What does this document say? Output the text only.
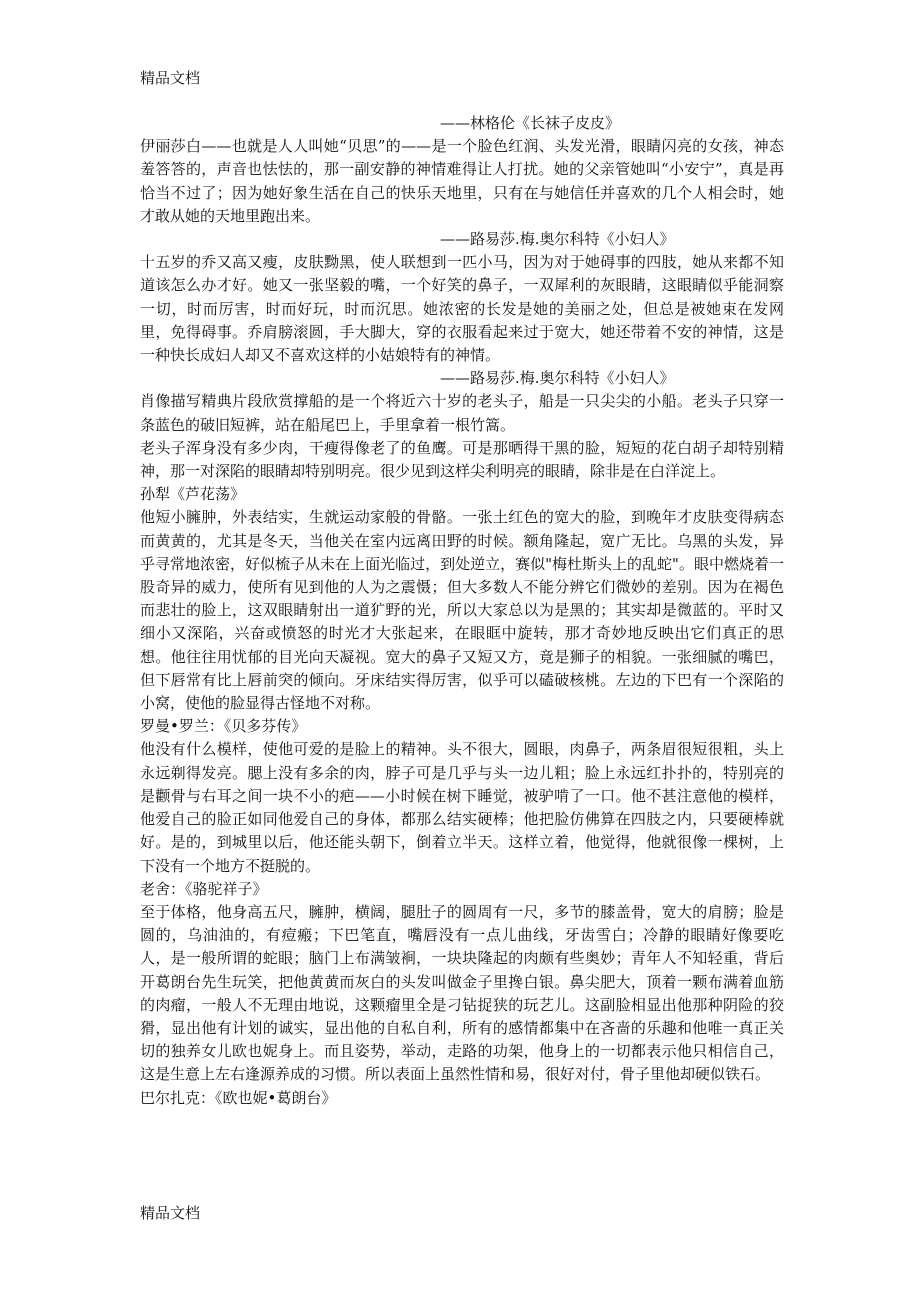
精品文档

——林格伦《长袜子皮皮》

伊丽莎白——也就是人人叫她“贝思”的——是一个脸色红润、头发光滑，眼睛闪亮的女孩，神态羞答答的，声音也怯怯的，那一副安静的神情难得让人打扰。她的父亲管她叫“小安宁”，真是再恰当不过了；因为她好象生活在自己的快乐天地里，只有在与她信任并喜欢的几个人相会时，她才敢从她的天地里跑出来。

——路易莎.梅.奥尔科特《小妇人》

十五岁的乔又高又瘦，皮肤黝黑，使人联想到一匹小马，因为对于她碍事的四肢，她从来都不知道该怎么办才好。她又一张坚毅的嘴，一个好笑的鼻子，一双犀利的灰眼睛，这眼睛似乎能洞察一切，时而厉害，时而好玩，时而沉思。她浓密的长发是她的美丽之处，但总是被她束在发网里，免得碍事。乔肩膀滚圆，手大脚大，穿的衣服看起来过于宽大，她还带着不安的神情，这是一种快长成妇人却又不喜欢这样的小姑娘特有的神情。

——路易莎.梅.奥尔科特《小妇人》

肖像描写精典片段欣赏撑船的是一个将近六十岁的老头子，船是一只尖尖的小船。老头子只穿一条蓝色的破旧短裤，站在船尾巴上，手里拿着一根竹篙。

老头子浑身没有多少肉，干瘦得像老了的鱼鹰。可是那晒得干黑的脸，短短的花白胡子却特别精神，那一对深陷的眼睛却特别明亮。很少见到这样尖利明亮的眼睛，除非是在白洋淀上。

孙犁《芦花荡》

他短小臃肿，外表结实，生就运动家般的骨骼。一张土红色的宽大的脸，到晚年才皮肤变得病态而黄黄的，尤其是冬天，当他关在室内远离田野的时候。额角隆起，宽广无比。乌黑的头发，异乎寻常地浓密，好似梳子从未在上面光临过，到处逆立，赛似"梅杜斯头上的乱蛇"。眼中燃烧着一股奇异的威力，使所有见到他的人为之震慑；但大多数人不能分辨它们微妙的差别。因为在褐色而悲壮的脸上，这双眼睛射出一道犷野的光，所以大家总以为是黑的；其实却是微蓝的。平时又细小又深陷，兴奋或愤怒的时光才大张起来，在眼眶中旋转，那才奇妙地反映出它们真正的思想。他往往用忧郁的目光向天凝视。宽大的鼻子又短又方，竟是狮子的相貌。一张细腻的嘴巴，但下唇常有比上唇前突的倾向。牙床结实得厉害，似乎可以磕破核桃。左边的下巴有一个深陷的小窝，使他的脸显得古怪地不对称。

罗曼•罗兰：《贝多芬传》

他没有什么模样，使他可爱的是脸上的精神。头不很大，圆眼，肉鼻子，两条眉很短很粗，头上永远剃得发亮。腮上没有多余的肉，脖子可是几乎与头一边儿粗；脸上永远红扑扑的，特别亮的是颧骨与右耳之间一块不小的疤——小时候在树下睡觉，被驴啃了一口。他不甚注意他的模样，他爱自己的脸正如同他爱自己的身体，都那么结实硬棒；他把脸仿佛算在四肢之内，只要硬棒就好。是的，到城里以后，他还能头朝下，倒着立半天。这样立着，他觉得，他就很像一棵树，上下没有一个地方不挺脱的。

老舍：《骆驼祥子》

至于体格，他身高五尺，臃肿，横阔，腿肚子的圆周有一尺，多节的膝盖骨，宽大的肩膀；脸是圆的，乌油油的，有痘瘢；下巴笔直，嘴唇没有一点儿曲线，牙齿雪白；冷静的眼睛好像要吃人，是一般所谓的蛇眼；脑门上布满皱裥，一块块隆起的肉颇有些奥妙；青年人不知轻重，背后开葛朗台先生玩笑，把他黄黄而灰白的头发叫做金子里搀白银。鼻尖肥大，顶着一颗布满着血筋的肉瘤，一般人不无理由地说，这颗瘤里全是刁钻捉狭的玩艺儿。这副脸相显出他那种阴险的狡猾，显出他有计划的诚实，显出他的自私自利，所有的感情都集中在吝啬的乐趣和他唯一真正关切的独养女儿欧也妮身上。而且姿势，举动，走路的功架，他身上的一切都表示他只相信自己，这是生意上左右逢源养成的习惯。所以表面上虽然性情和易，很好对付，骨子里他却硬似铁石。

巴尔扎克：《欧也妮•葛朗台》

精品文档
